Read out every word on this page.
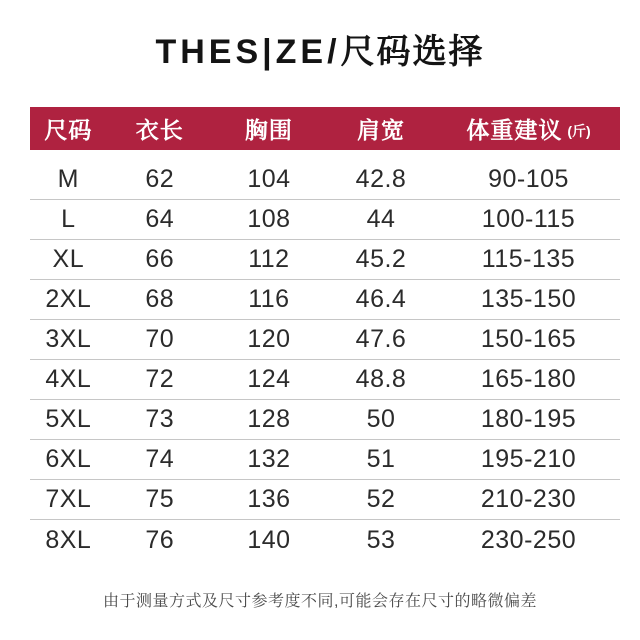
THES|ZE/尺码选择
尺码	衣长	胸围	肩宽	体重建议 (斤)
M	62	104	42.8	90-105
L	64	108	44	100-115
XL	66	112	45.2	115-135
2XL	68	116	46.4	135-150
3XL	70	120	47.6	150-165
4XL	72	124	48.8	165-180
5XL	73	128	50	180-195
6XL	74	132	51	195-210
7XL	75	136	52	210-230
8XL	76	140	53	230-250
由于测量方式及尺寸参考度不同,可能会存在尺寸的略微偏差
